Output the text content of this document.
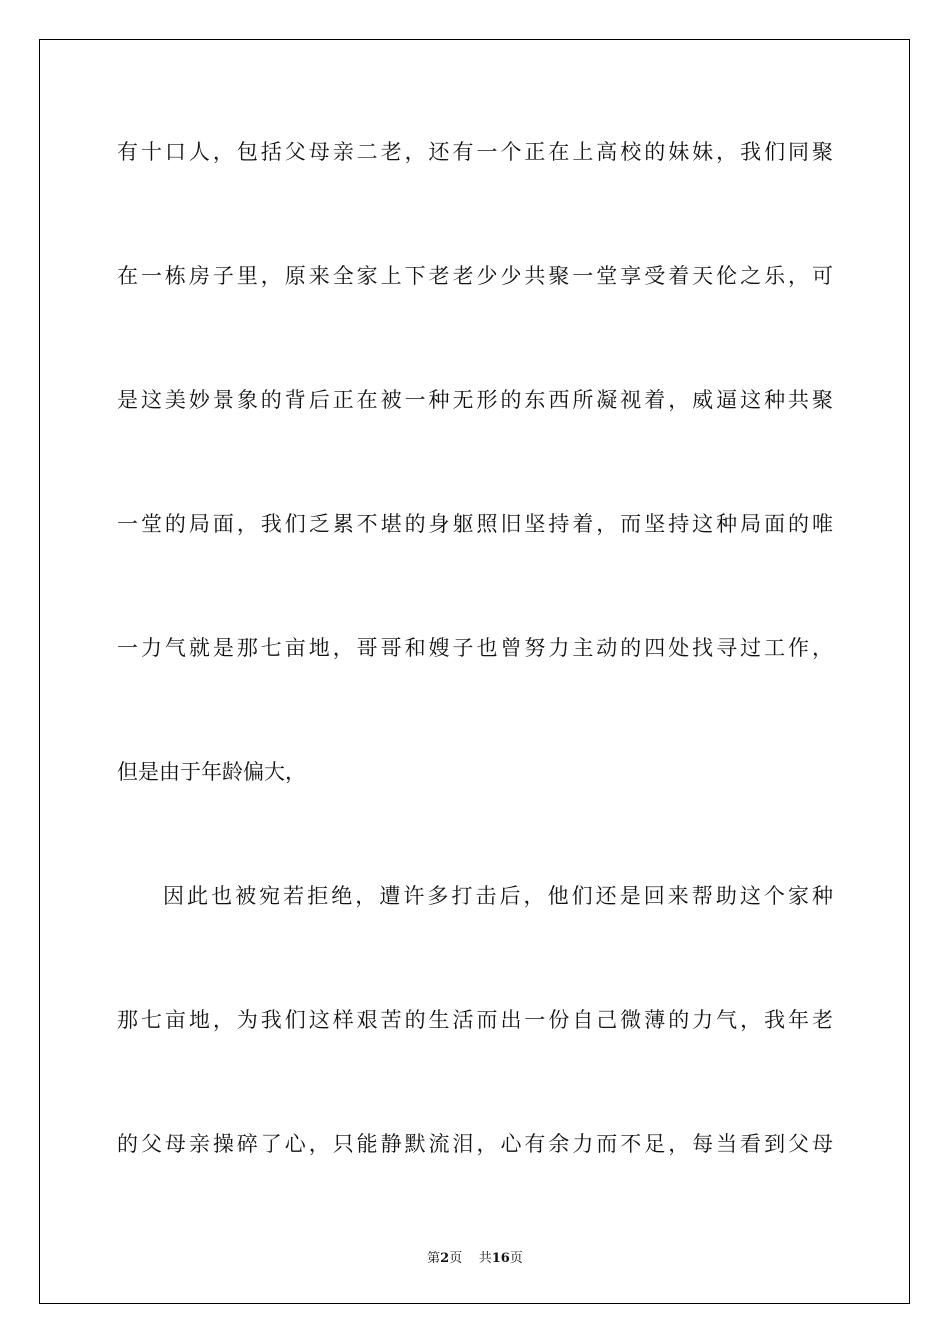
有十口人，包括父母亲二老，还有一个正在上高校的妹妹，我们同聚
在一栋房子里，原来全家上下老老少少共聚一堂享受着天伦之乐，可
是这美妙景象的背后正在被一种无形的东西所凝视着，威逼这种共聚
一堂的局面，我们乏累不堪的身躯照旧坚持着，而坚持这种局面的唯
一力气就是那七亩地，哥哥和嫂子也曾努力主动的四处找寻过工作，
但是由于年龄偏大，
因此也被宛若拒绝，遭许多打击后，他们还是回来帮助这个家种
那七亩地，为我们这样艰苦的生活而出一份自己微薄的力气，我年老
的父母亲操碎了心，只能静默流泪，心有余力而不足，每当看到父母
第2页 共16页
